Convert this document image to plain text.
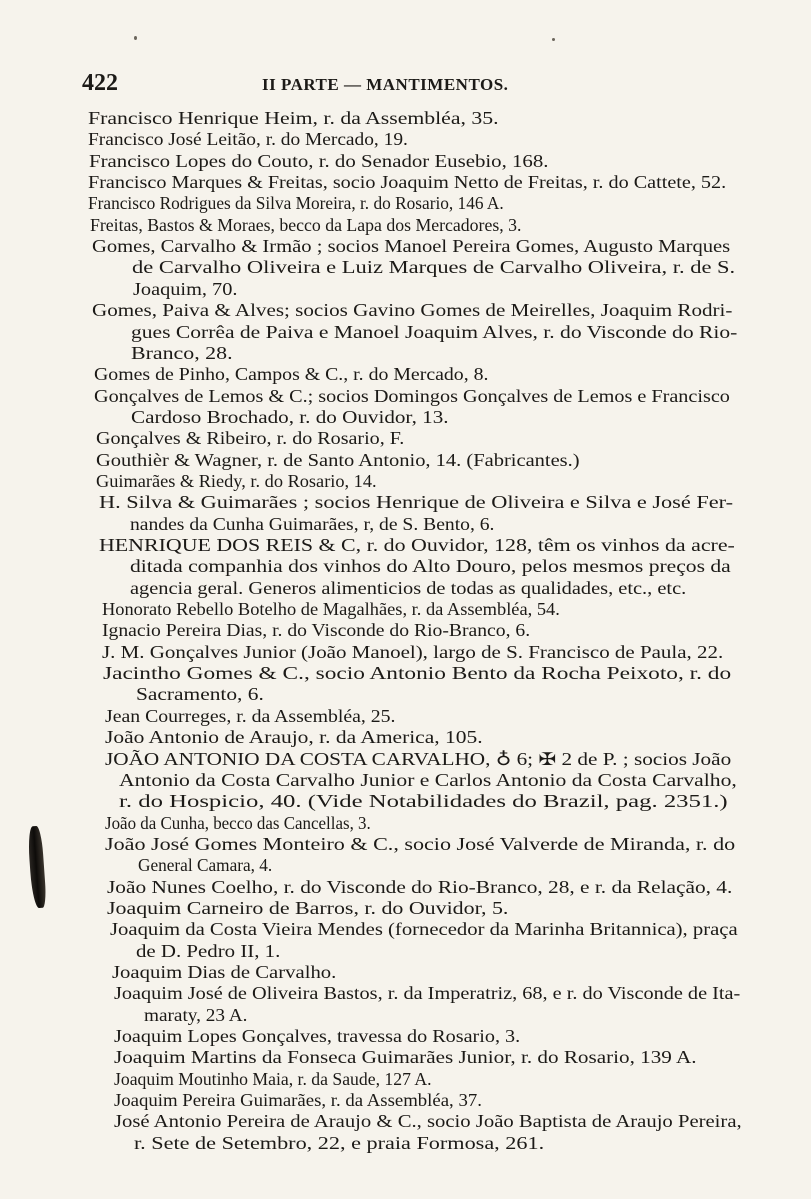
422	II PARTE — MANTIMENTOS.
Francisco Henrique Heim, r. da Assembléa, 35.
Francisco José Leitão, r. do Mercado, 19.
Francisco Lopes do Couto, r. do Senador Eusebio, 168.
Francisco Marques & Freitas, socio Joaquim Netto de Freitas, r. do Cattete, 52.
Francisco Rodrigues da Silva Moreira, r. do Rosario, 146 A.
Freitas, Bastos & Moraes, becco da Lapa dos Mercadores, 3.
Gomes, Carvalho & Irmão ; socios Manoel Pereira Gomes, Augusto Marques
de Carvalho Oliveira e Luiz Marques de Carvalho Oliveira, r. de S.
Joaquim, 70.
Gomes, Paiva & Alves; socios Gavino Gomes de Meirelles, Joaquim Rodri-
gues Corrêa de Paiva e Manoel Joaquim Alves, r. do Visconde do Rio-
Branco, 28.
Gomes de Pinho, Campos & C., r. do Mercado, 8.
Gonçalves de Lemos & C.; socios Domingos Gonçalves de Lemos e Francisco
Cardoso Brochado, r. do Ouvidor, 13.
Gonçalves & Ribeiro, r. do Rosario, F.
Gouthièr & Wagner, r. de Santo Antonio, 14. (Fabricantes.)
Guimarães & Riedy, r. do Rosario, 14.
H. Silva & Guimarães ; socios Henrique de Oliveira e Silva e José Fer-
nandes da Cunha Guimarães, r, de S. Bento, 6.
HENRIQUE DOS REIS & C, r. do Ouvidor, 128, têm os vinhos da acre-
ditada companhia dos vinhos do Alto Douro, pelos mesmos preços da
agencia geral. Generos alimenticios de todas as qualidades, etc., etc.
Honorato Rebello Botelho de Magalhães, r. da Assembléa, 54.
Ignacio Pereira Dias, r. do Visconde do Rio-Branco, 6.
J. M. Gonçalves Junior (João Manoel), largo de S. Francisco de Paula, 22.
Jacintho Gomes & C., socio Antonio Bento da Rocha Peixoto, r. do
Sacramento, 6.
Jean Courreges, r. da Assembléa, 25.
João Antonio de Araujo, r. da America, 105.
JOÃO ANTONIO DA COSTA CARVALHO, ♁ 6; ✠ 2 de P. ; socios João
Antonio da Costa Carvalho Junior e Carlos Antonio da Costa Carvalho,
r. do Hospicio, 40. (Vide Notabilidades do Brazil, pag. 2351.)
João da Cunha, becco das Cancellas, 3.
João José Gomes Monteiro & C., socio José Valverde de Miranda, r. do
General Camara, 4.
João Nunes Coelho, r. do Visconde do Rio-Branco, 28, e r. da Relação, 4.
Joaquim Carneiro de Barros, r. do Ouvidor, 5.
Joaquim da Costa Vieira Mendes (fornecedor da Marinha Britannica), praça
de D. Pedro II, 1.
Joaquim Dias de Carvalho.
Joaquim José de Oliveira Bastos, r. da Imperatriz, 68, e r. do Visconde de Ita-
maraty, 23 A.
Joaquim Lopes Gonçalves, travessa do Rosario, 3.
Joaquim Martins da Fonseca Guimarães Junior, r. do Rosario, 139 A.
Joaquim Moutinho Maia, r. da Saude, 127 A.
Joaquim Pereira Guimarães, r. da Assembléa, 37.
José Antonio Pereira de Araujo & C., socio João Baptista de Araujo Pereira,
r. Sete de Setembro, 22, e praia Formosa, 261.
